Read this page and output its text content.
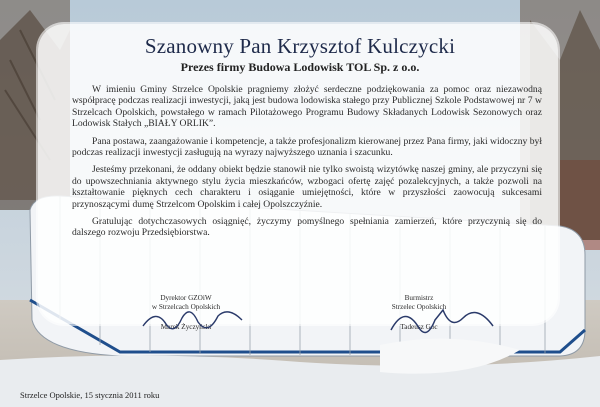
Szanowny Pan Krzysztof Kulczycki
Prezes firmy Budowa Lodowisk TOL Sp. z o.o.

W imieniu Gminy Strzelce Opolskie pragniemy złożyć serdeczne podziękowania za pomoc oraz niezawodną współpracę podczas realizacji inwestycji, jaką jest budowa lodowiska stałego przy Publicznej Szkole Podstawowej nr 7 w Strzelcach Opolskich, powstałego w ramach Pilotażowego Programu Budowy Składanych Lodowisk Sezonowych oraz Lodowisk Stałych „BIAŁY ORLIK”.

Pana postawa, zaangażowanie i kompetencje, a także profesjonalizm kierowanej przez Pana firmy, jaki widoczny był podczas realizacji inwestycji zasługują na wyrazy najwyższego uznania i szacunku.

Jesteśmy przekonani, że oddany obiekt będzie stanowił nie tylko swoistą wizytówkę naszej gminy, ale przyczyni się do upowszechniania aktywnego stylu życia mieszkańców, wzbogaci ofertę zajęć pozalekcyjnych, a także pozwoli na kształtowanie pięknych cech charakteru i osiąganie umiejętności, które w przyszłości zaowocują sukcesami przynoszącymi dumę Strzelcom Opolskim i całej Opolszczyźnie.

Gratulując dotychczasowych osiągnięć, życzymy pomyślnego spełniania zamierzeń, które przyczynią się do dalszego rozwoju Przedsiębiorstwa.

Dyrektor GZOiW
w Strzelcach Opolskich
Marek Życzyński
Burmistrz
Strzelec Opolskich
Tadeusz Goc
Strzelce Opolskie, 15 stycznia 2011 roku
